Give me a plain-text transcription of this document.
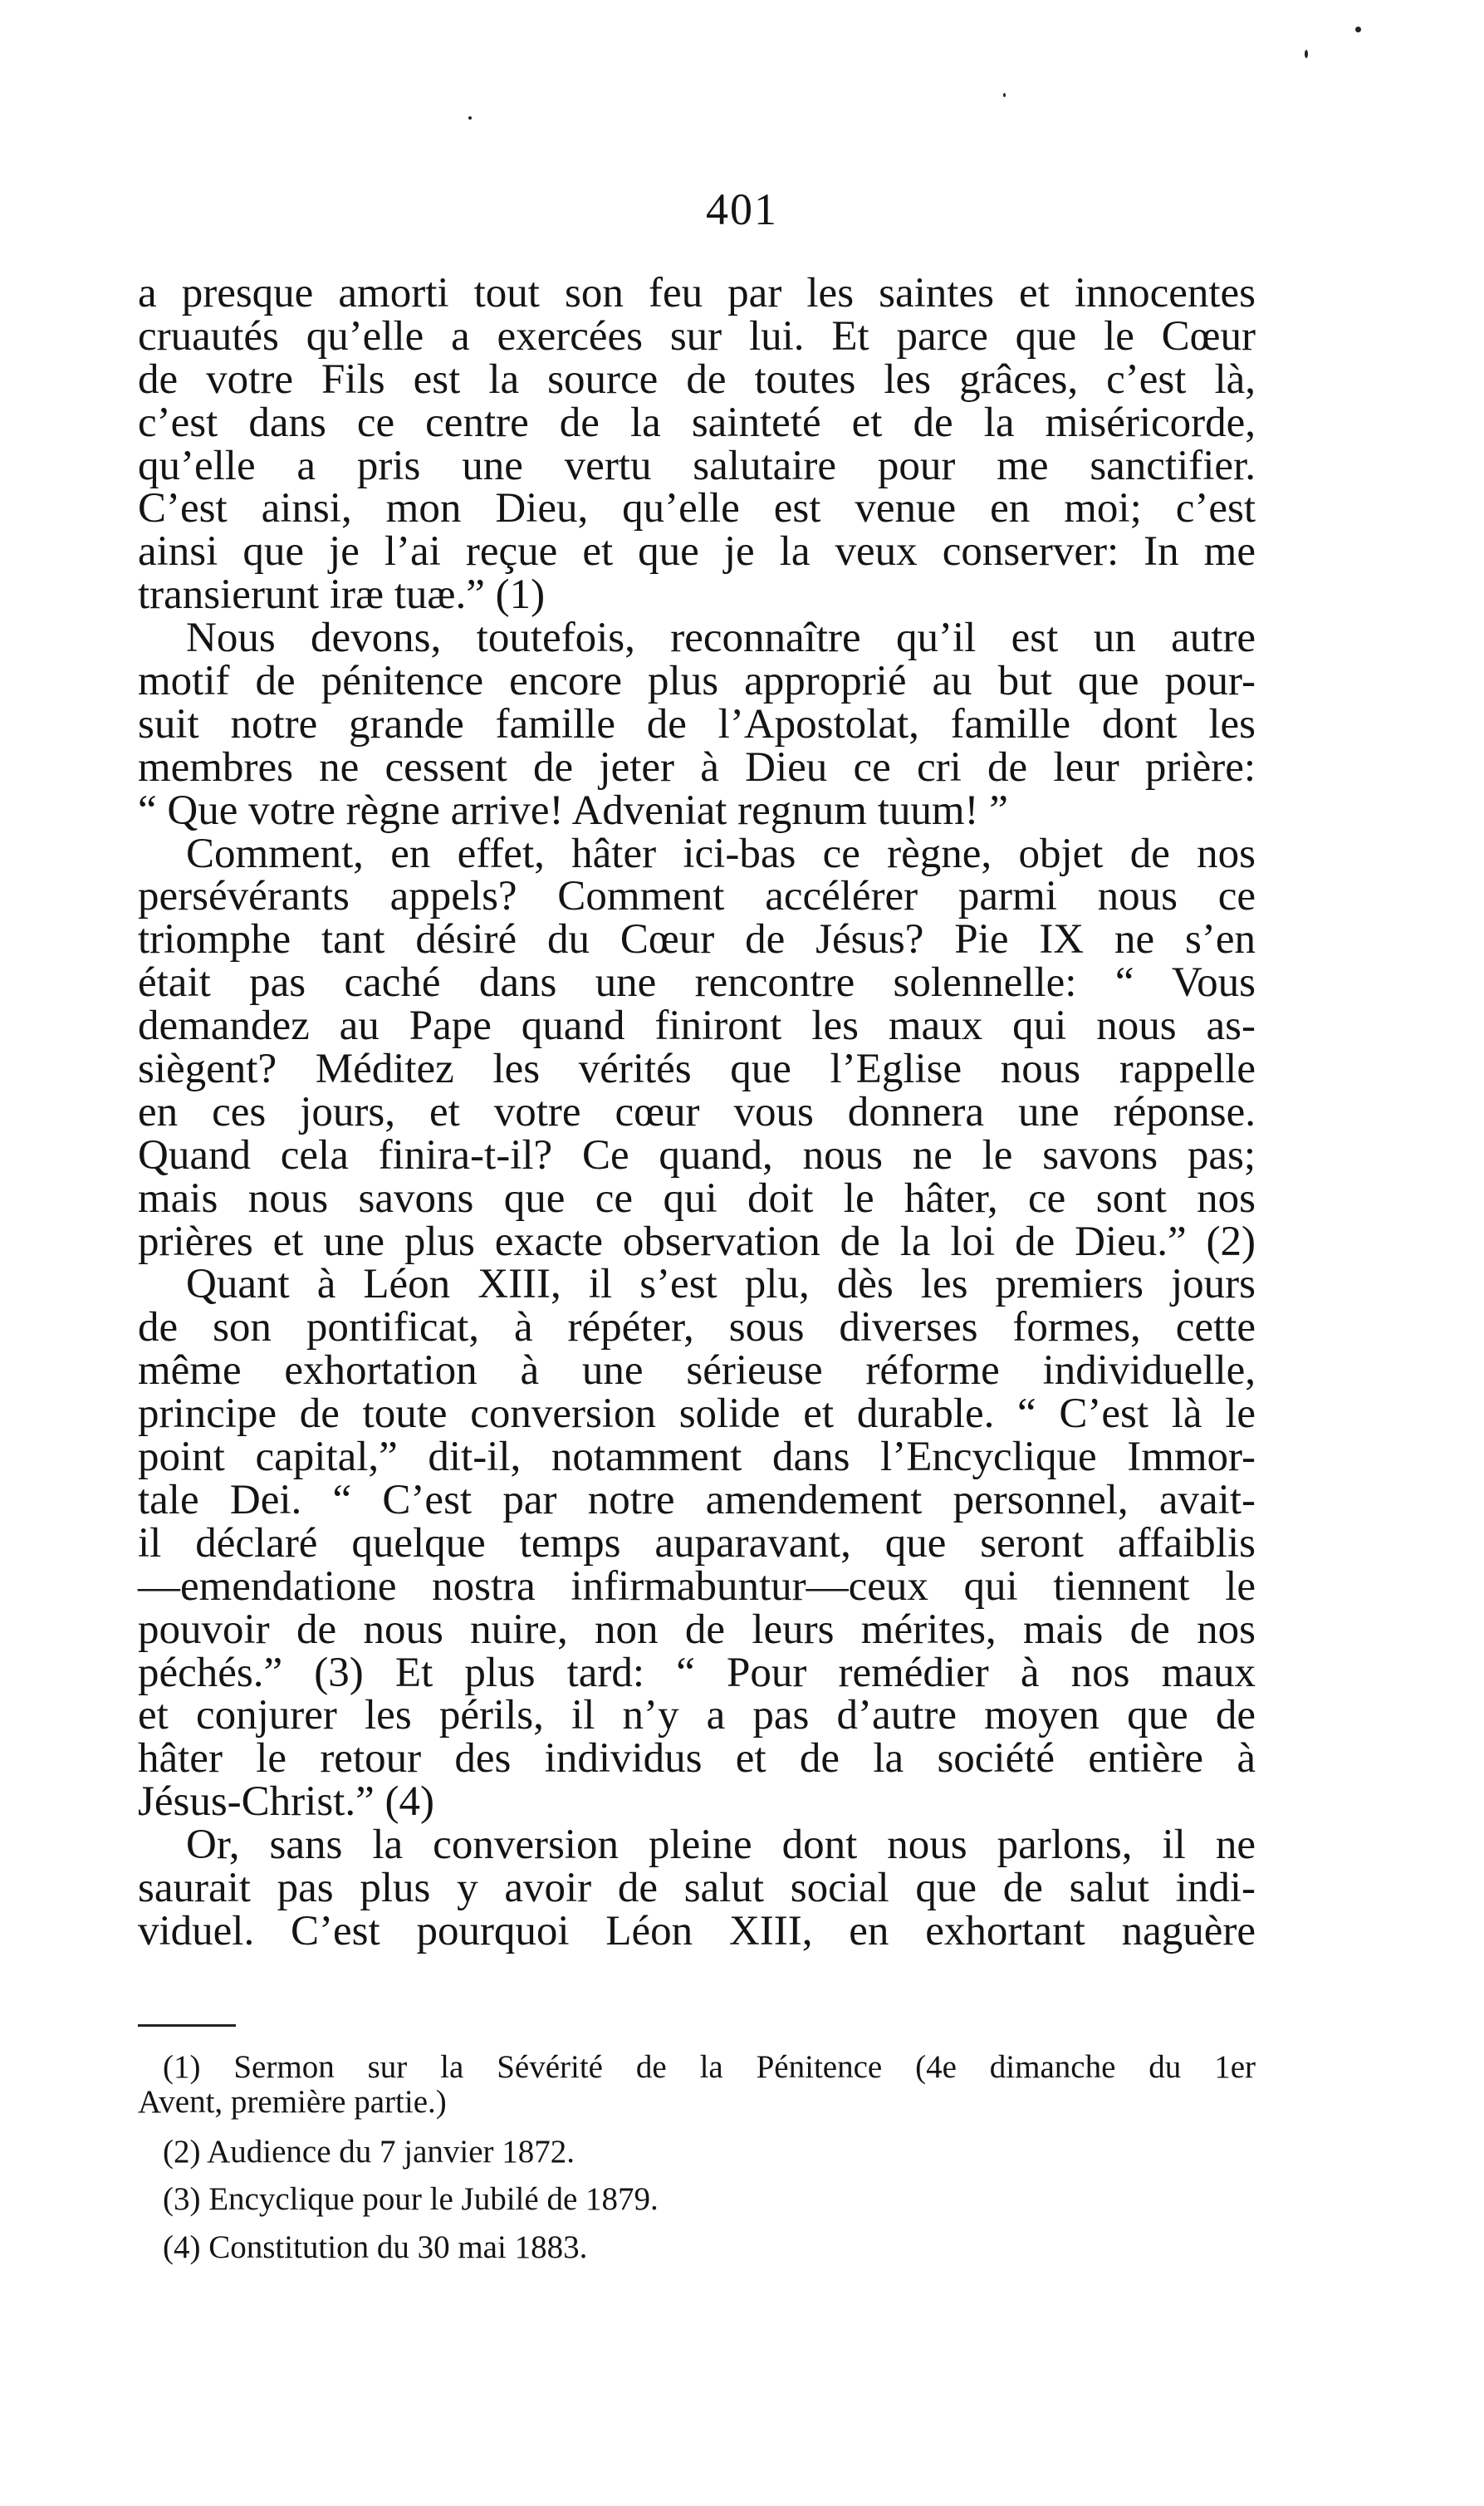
401
a presque amorti tout son feu par les saintes et innocentes
cruautés qu’elle a exercées sur lui. Et parce que le Cœur
de votre Fils est la source de toutes les grâces, c’est là,
c’est dans ce centre de la sainteté et de la miséricorde,
qu’elle a pris une vertu salutaire pour me sanctifier.
C’est ainsi, mon Dieu, qu’elle est venue en moi; c’est
ainsi que je l’ai reçue et que je la veux conserver: In me
transierunt iræ tuæ.” (1)
Nous devons, toutefois, reconnaître qu’il est un autre
motif de pénitence encore plus approprié au but que pour-
suit notre grande famille de l’Apostolat, famille dont les
membres ne cessent de jeter à Dieu ce cri de leur prière:
“ Que votre règne arrive! Adveniat regnum tuum! ”
Comment, en effet, hâter ici-bas ce règne, objet de nos
persévérants appels? Comment accélérer parmi nous ce
triomphe tant désiré du Cœur de Jésus? Pie IX ne s’en
était pas caché dans une rencontre solennelle: “ Vous
demandez au Pape quand finiront les maux qui nous as-
siègent? Méditez les vérités que l’Eglise nous rappelle
en ces jours, et votre cœur vous donnera une réponse.
Quand cela finira-t-il? Ce quand, nous ne le savons pas;
mais nous savons que ce qui doit le hâter, ce sont nos
prières et une plus exacte observation de la loi de Dieu.” (2)
Quant à Léon XIII, il s’est plu, dès les premiers jours
de son pontificat, à répéter, sous diverses formes, cette
même exhortation à une sérieuse réforme individuelle,
principe de toute conversion solide et durable. “ C’est là le
point capital,” dit-il, notamment dans l’Encyclique Immor-
tale Dei. “ C’est par notre amendement personnel, avait-
il déclaré quelque temps auparavant, que seront affaiblis
—emendatione nostra infirmabuntur—ceux qui tiennent le
pouvoir de nous nuire, non de leurs mérites, mais de nos
péchés.” (3) Et plus tard: “ Pour remédier à nos maux
et conjurer les périls, il n’y a pas d’autre moyen que de
hâter le retour des individus et de la société entière à
Jésus-Christ.” (4)
Or, sans la conversion pleine dont nous parlons, il ne
saurait pas plus y avoir de salut social que de salut indi-
viduel. C’est pourquoi Léon XIII, en exhortant naguère
(1) Sermon sur la Sévérité de la Pénitence (4e dimanche du 1er
Avent, première partie.)
(2) Audience du 7 janvier 1872.
(3) Encyclique pour le Jubilé de 1879.
(4) Constitution du 30 mai 1883.
